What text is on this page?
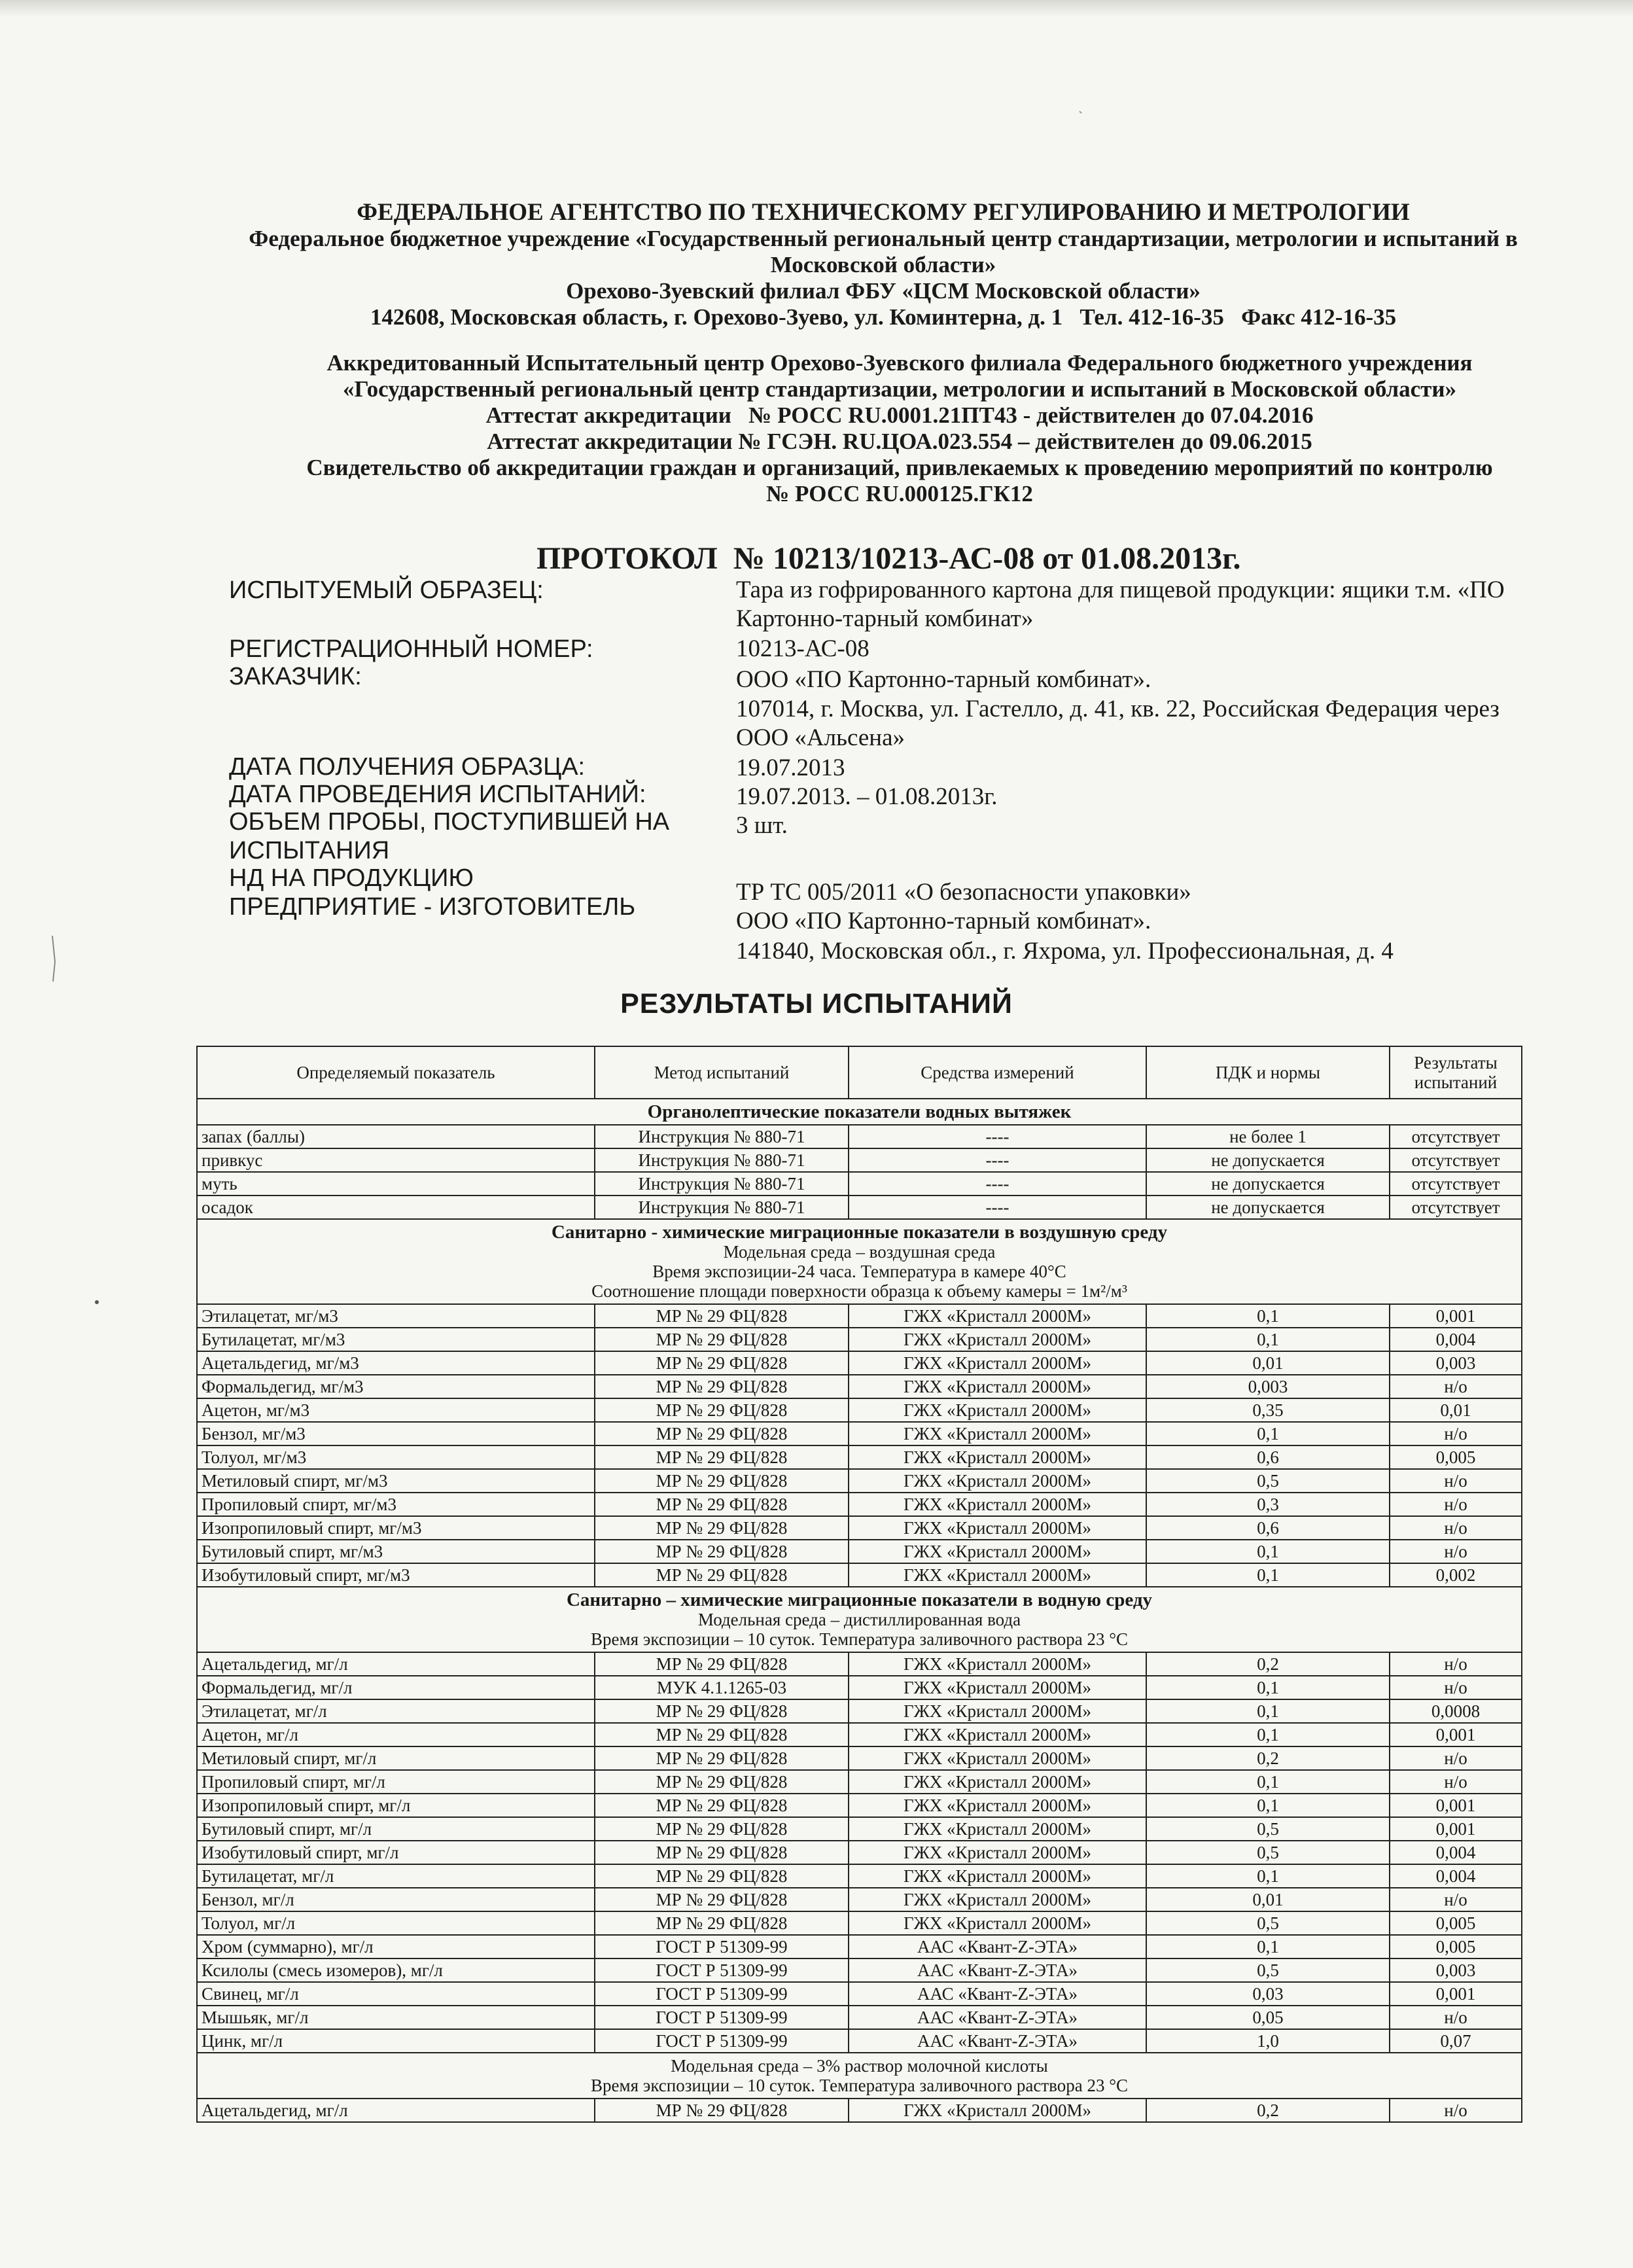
ФЕДЕРАЛЬНОЕ АГЕНТСТВО ПО ТЕХНИЧЕСКОМУ РЕГУЛИРОВАНИЮ И МЕТРОЛОГИИ
Федеральное бюджетное учреждение «Государственный региональный центр стандартизации, метрологии и испытаний в Московской области»
Орехово-Зуевский филиал ФБУ «ЦСМ Московской области»
142608, Московская область, г. Орехово-Зуево, ул. Коминтерна, д. 1   Тел. 412-16-35   Факс 412-16-35
Аккредитованный Испытательный центр Орехово-Зуевского филиала Федерального бюджетного учреждения «Государственный региональный центр стандартизации, метрологии и испытаний в Московской области»
Аттестат аккредитации   № РОСС RU.0001.21ПТ43 - действителен до 07.04.2016
Аттестат аккредитации № ГСЭН. RU.ЦОА.023.554 – действителен до 09.06.2015
Свидетельство об аккредитации граждан и организаций, привлекаемых к проведению мероприятий по контролю
№ РОСС RU.000125.ГК12
ПРОТОКОЛ  № 10213/10213-АС-08 от 01.08.2013г.
ИСПЫТУЕМЫЙ ОБРАЗЕЦ:	Тара из гофрированного картона для пищевой продукции: ящики т.м. «ПО Картонно-тарный комбинат»
РЕГИСТРАЦИОННЫЙ НОМЕР:	10213-АС-08
ЗАКАЗЧИК:	ООО «ПО Картонно-тарный комбинат».
107014, г. Москва, ул. Гастелло, д. 41, кв. 22, Российская Федерация через ООО «Альсена»
ДАТА ПОЛУЧЕНИЯ ОБРАЗЦА:	19.07.2013
ДАТА ПРОВЕДЕНИЯ ИСПЫТАНИЙ:	19.07.2013. – 01.08.2013г.
ОБЪЕМ ПРОБЫ, ПОСТУПИВШЕЙ НА ИСПЫТАНИЯ
3 шт.
НД НА ПРОДУКЦИЮ
ТР ТС 005/2011 «О безопасности упаковки»
ПРЕДПРИЯТИЕ - ИЗГОТОВИТЕЛЬ
ООО «ПО Картонно-тарный комбинат».
141840, Московская обл., г. Яхрома, ул. Профессиональная, д. 4
РЕЗУЛЬТАТЫ ИСПЫТАНИЙ
Определяемый показатель	Метод испытаний	Средства измерений	ПДК и нормы	Результаты испытаний

Органолептические показатели водных вытяжек				

запах (баллы)	Инструкция № 880-71	----	не более 1	отсутствует
привкус	Инструкция № 880-71	----	не допускается	отсутствует
муть	Инструкция № 880-71	----	не допускается	отсутствует
осадок	Инструкция № 880-71	----	не допускается	отсутствует

Санитарно - химические миграционные показатели в воздушную среду
Модельная среда – воздушная среда
Время экспозиции-24 часа. Температура в камере 40°С
Соотношение площади поверхности образца к объему камеры = 1м²/м³				

Этилацетат, мг/м3	МР № 29 ФЦ/828	ГЖХ «Кристалл 2000М»	0,1	0,001
Бутилацетат, мг/м3	МР № 29 ФЦ/828	ГЖХ «Кристалл 2000М»	0,1	0,004
Ацетальдегид, мг/м3	МР № 29 ФЦ/828	ГЖХ «Кристалл 2000М»	0,01	0,003
Формальдегид, мг/м3	МР № 29 ФЦ/828	ГЖХ «Кристалл 2000М»	0,003	н/о
Ацетон, мг/м3	МР № 29 ФЦ/828	ГЖХ «Кристалл 2000М»	0,35	0,01
Бензол, мг/м3	МР № 29 ФЦ/828	ГЖХ «Кристалл 2000М»	0,1	н/о
Толуол, мг/м3	МР № 29 ФЦ/828	ГЖХ «Кристалл 2000М»	0,6	0,005
Метиловый спирт, мг/м3	МР № 29 ФЦ/828	ГЖХ «Кристалл 2000М»	0,5	н/о
Пропиловый спирт, мг/м3	МР № 29 ФЦ/828	ГЖХ «Кристалл 2000М»	0,3	н/о
Изопропиловый спирт, мг/м3	МР № 29 ФЦ/828	ГЖХ «Кристалл 2000М»	0,6	н/о
Бутиловый спирт, мг/м3	МР № 29 ФЦ/828	ГЖХ «Кристалл 2000М»	0,1	н/о
Изобутиловый спирт, мг/м3	МР № 29 ФЦ/828	ГЖХ «Кристалл 2000М»	0,1	0,002

Санитарно – химические миграционные показатели в водную среду
Модельная среда – дистиллированная вода
Время экспозиции – 10 суток. Температура заливочного раствора 23 °С				

Ацетальдегид, мг/л	МР № 29 ФЦ/828	ГЖХ «Кристалл 2000М»	0,2	н/о
Формальдегид, мг/л	МУК 4.1.1265-03	ГЖХ «Кристалл 2000М»	0,1	н/о
Этилацетат, мг/л	МР № 29 ФЦ/828	ГЖХ «Кристалл 2000М»	0,1	0,0008
Ацетон, мг/л	МР № 29 ФЦ/828	ГЖХ «Кристалл 2000М»	0,1	0,001
Метиловый спирт, мг/л	МР № 29 ФЦ/828	ГЖХ «Кристалл 2000М»	0,2	н/о
Пропиловый спирт, мг/л	МР № 29 ФЦ/828	ГЖХ «Кристалл 2000М»	0,1	н/о
Изопропиловый спирт, мг/л	МР № 29 ФЦ/828	ГЖХ «Кристалл 2000М»	0,1	0,001
Бутиловый спирт, мг/л	МР № 29 ФЦ/828	ГЖХ «Кристалл 2000М»	0,5	0,001
Изобутиловый спирт, мг/л	МР № 29 ФЦ/828	ГЖХ «Кристалл 2000М»	0,5	0,004
Бутилацетат, мг/л	МР № 29 ФЦ/828	ГЖХ «Кристалл 2000М»	0,1	0,004
Бензол, мг/л	МР № 29 ФЦ/828	ГЖХ «Кристалл 2000М»	0,01	н/о
Толуол, мг/л	МР № 29 ФЦ/828	ГЖХ «Кристалл 2000М»	0,5	0,005
Хром (суммарно), мг/л	ГОСТ Р 51309-99	ААС «Квант-Z-ЭТА»	0,1	0,005
Ксилолы (смесь изомеров), мг/л	ГОСТ Р 51309-99	ААС «Квант-Z-ЭТА»	0,5	0,003
Свинец, мг/л	ГОСТ Р 51309-99	ААС «Квант-Z-ЭТА»	0,03	0,001
Мышьяк, мг/л	ГОСТ Р 51309-99	ААС «Квант-Z-ЭТА»	0,05	н/о
Цинк, мг/л	ГОСТ Р 51309-99	ААС «Квант-Z-ЭТА»	1,0	0,07

Модельная среда – 3% раствор молочной кислоты
Время экспозиции – 10 суток. Температура заливочного раствора 23 °С				

Ацетальдегид, мг/л	МР № 29 ФЦ/828	ГЖХ «Кристалл 2000М»	0,2	н/о
